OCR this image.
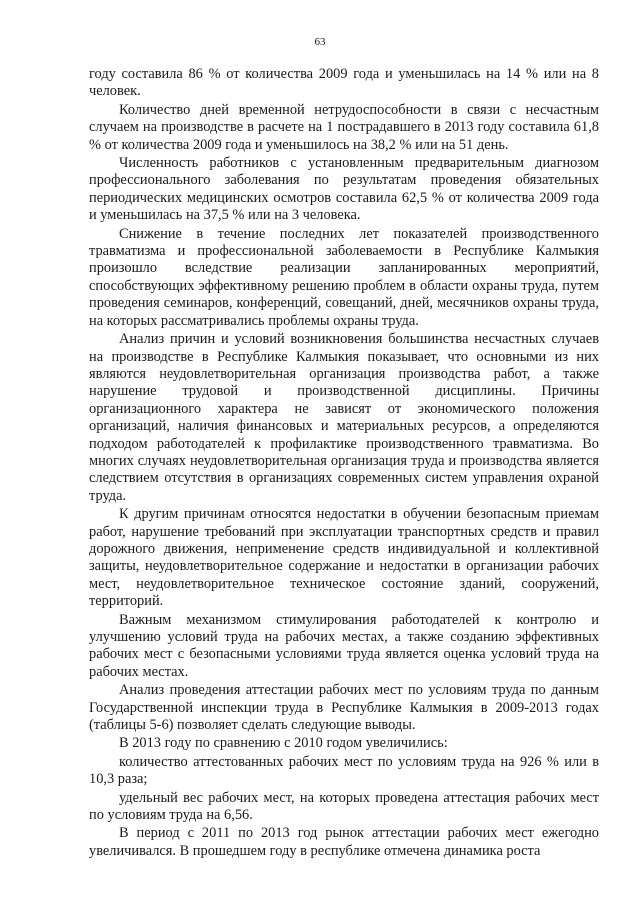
63

году составила 86 % от количества 2009 года и уменьшилась на 14 % или на 8 человек.

Количество дней временной нетрудоспособности в связи с несчастным случаем на производстве в расчете на 1 пострадавшего в 2013 году составила 61,8 % от количества 2009 года и уменьшилось на 38,2 % или на 51 день.

Численность работников с установленным предварительным диагнозом профессионального заболевания по результатам проведения обязательных периодических медицинских осмотров составила 62,5 % от количества 2009 года и уменьшилась на 37,5 % или на 3 человека.

Снижение в течение последних лет показателей производственного травматизма и профессиональной заболеваемости в Республике Калмыкия произошло вследствие реализации запланированных мероприятий, способствующих эффективному решению проблем в области охраны труда, путем проведения семинаров, конференций, совещаний, дней, месячников охраны труда, на которых рассматривались проблемы охраны труда.

Анализ причин и условий возникновения большинства несчастных случаев на производстве в Республике Калмыкия показывает, что основными из них являются неудовлетворительная организация производства работ, а также нарушение трудовой и производственной дисциплины. Причины организационного характера не зависят от экономического положения организаций, наличия финансовых и материальных ресурсов, а определяются подходом работодателей к профилактике производственного травматизма. Во многих случаях неудовлетворительная организация труда и производства является следствием отсутствия в организациях современных систем управления охраной труда.

К другим причинам относятся недостатки в обучении безопасным приемам работ, нарушение требований при эксплуатации транспортных средств и правил дорожного движения, неприменение средств индивидуальной и коллективной защиты, неудовлетворительное содержание и недостатки в организации рабочих мест, неудовлетворительное техническое состояние зданий, сооружений, территорий.

Важным механизмом стимулирования работодателей к контролю и улучшению условий труда на рабочих местах, а также созданию эффективных рабочих мест с безопасными условиями труда является оценка условий труда на рабочих местах.

Анализ проведения аттестации рабочих мест по условиям труда по данным Государственной инспекции труда в Республике Калмыкия в 2009-2013 годах (таблицы 5-6) позволяет сделать следующие выводы.

В 2013 году по сравнению с 2010 годом увеличились:

количество аттестованных рабочих мест по условиям труда на 926 % или в 10,3 раза;

удельный вес рабочих мест, на которых проведена аттестация рабочих мест по условиям труда на 6,56.

В период с 2011 по 2013 год рынок аттестации рабочих мест ежегодно увеличивался. В прошедшем году в республике отмечена динамика роста
